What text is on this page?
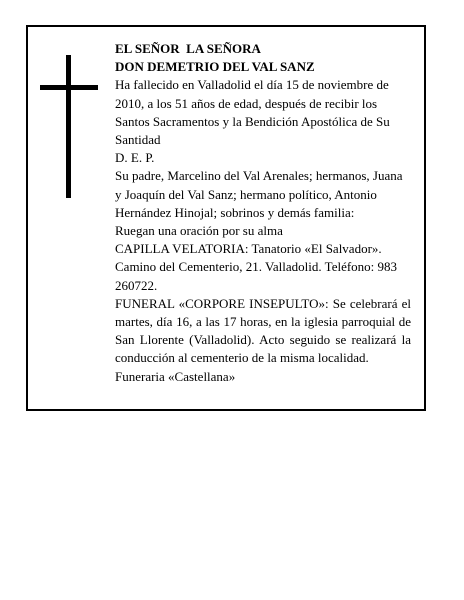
EL SEÑOR  LA SEÑORA

DON DEMETRIO DEL VAL SANZ

Ha fallecido en Valladolid el día 15 de noviembre de 2010, a los 51 años de edad, después de recibir los Santos Sacramentos y la Bendición Apostólica de Su Santidad

D. E. P.

Su padre, Marcelino del Val Arenales; hermanos, Juana y Joaquín del Val Sanz; hermano político, Antonio Hernández Hinojal; sobrinos y demás familia:

Ruegan una oración por su alma

CAPILLA VELATORIA: Tanatorio «El Salvador». Camino del Cementerio, 21. Valladolid. Teléfono: 983 260722.

FUNERAL «CORPORE INSEPULTO»: Se celebrará el martes, día 16, a las 17 horas, en la iglesia parroquial de San Llorente (Valladolid). Acto seguido se realizará la conducción al cementerio de la misma localidad.

Funeraria «Castellana»
